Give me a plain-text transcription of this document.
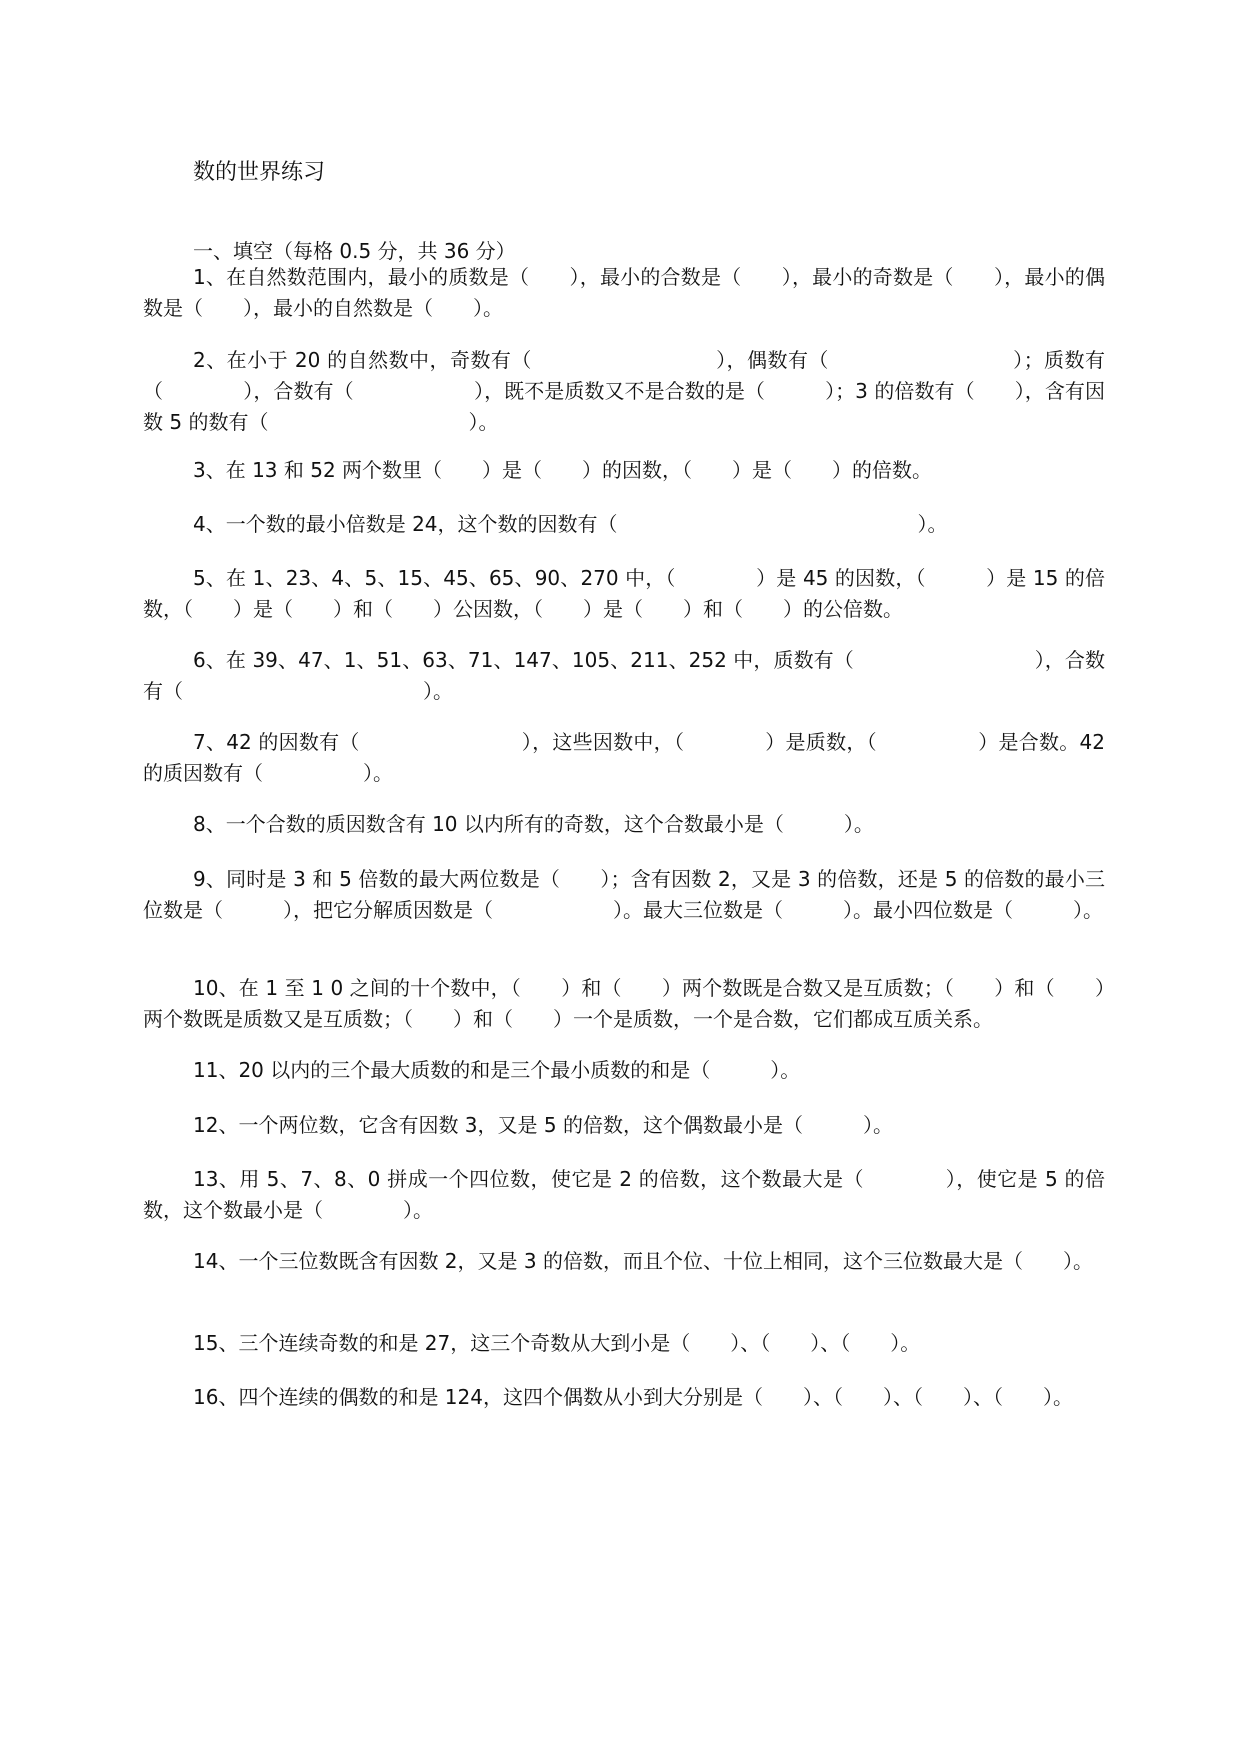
数的世界练习
一、填空（每格 0.5 分，共 36 分）

1、在自然数范围内，最小的质数是（　　），最小的合数是（　　），最小的奇数是（　　），最小的偶数是（　　），最小的自然数是（　　）。

2、在小于 20 的自然数中，奇数有（　　　　　　　　　），偶数有（　　　　　　　　　）；质数有（　　　　），合数有（　　　　　　），既不是质数又不是合数的是（　　　）；3 的倍数有（　　），含有因数 5 的数有（　　　　　　　　　　）。

3、在 13 和 52 两个数里（　　）是（　　）的因数，（　　）是（　　）的倍数。

4、一个数的最小倍数是 24，这个数的因数有（　　　　　　　　　　　　　　　）。

5、在 1、23、4、5、15、45、65、90、270 中，（　　　　）是 45 的因数，（　　　）是 15 的倍数，（　　）是（　　）和（　　）公因数，（　　）是（　　）和（　　）的公倍数。

6、在 39、47、1、51、63、71、147、105、211、252 中，质数有（　　　　　　　　　），合数有（　　　　　　　　　　　　）。

7、42 的因数有（　　　　　　　　），这些因数中，（　　　　）是质数，（　　　　　）是合数。42 的质因数有（　　　　　）。

8、一个合数的质因数含有 10 以内所有的奇数，这个合数最小是（　　　）。

9、同时是 3 和 5 倍数的最大两位数是（　　）；含有因数 2，又是 3 的倍数，还是 5 的倍数的最小三位数是（　　　），把它分解质因数是（　　　　　　）。最大三位数是（　　　）。最小四位数是（　　　）。

10、在 1 至 1 0 之间的十个数中，（　　）和（　　）两个数既是合数又是互质数；（　　）和（　　）两个数既是质数又是互质数；（　　）和（　　）一个是质数，一个是合数，它们都成互质关系。

11、20 以内的三个最大质数的和是三个最小质数的和是（　　　）。

12、一个两位数，它含有因数 3，又是 5 的倍数，这个偶数最小是（　　　）。

13、用 5、7、8、0 拼成一个四位数，使它是 2 的倍数，这个数最大是（　　　　），使它是 5 的倍数，这个数最小是（　　　　）。

14、一个三位数既含有因数 2，又是 3 的倍数，而且个位、十位上相同，这个三位数最大是（　　）。

15、三个连续奇数的和是 27，这三个奇数从大到小是（　　）、（　　）、（　　）。

16、四个连续的偶数的和是 124，这四个偶数从小到大分别是（　　）、（　　）、（　　）、（　　）。
